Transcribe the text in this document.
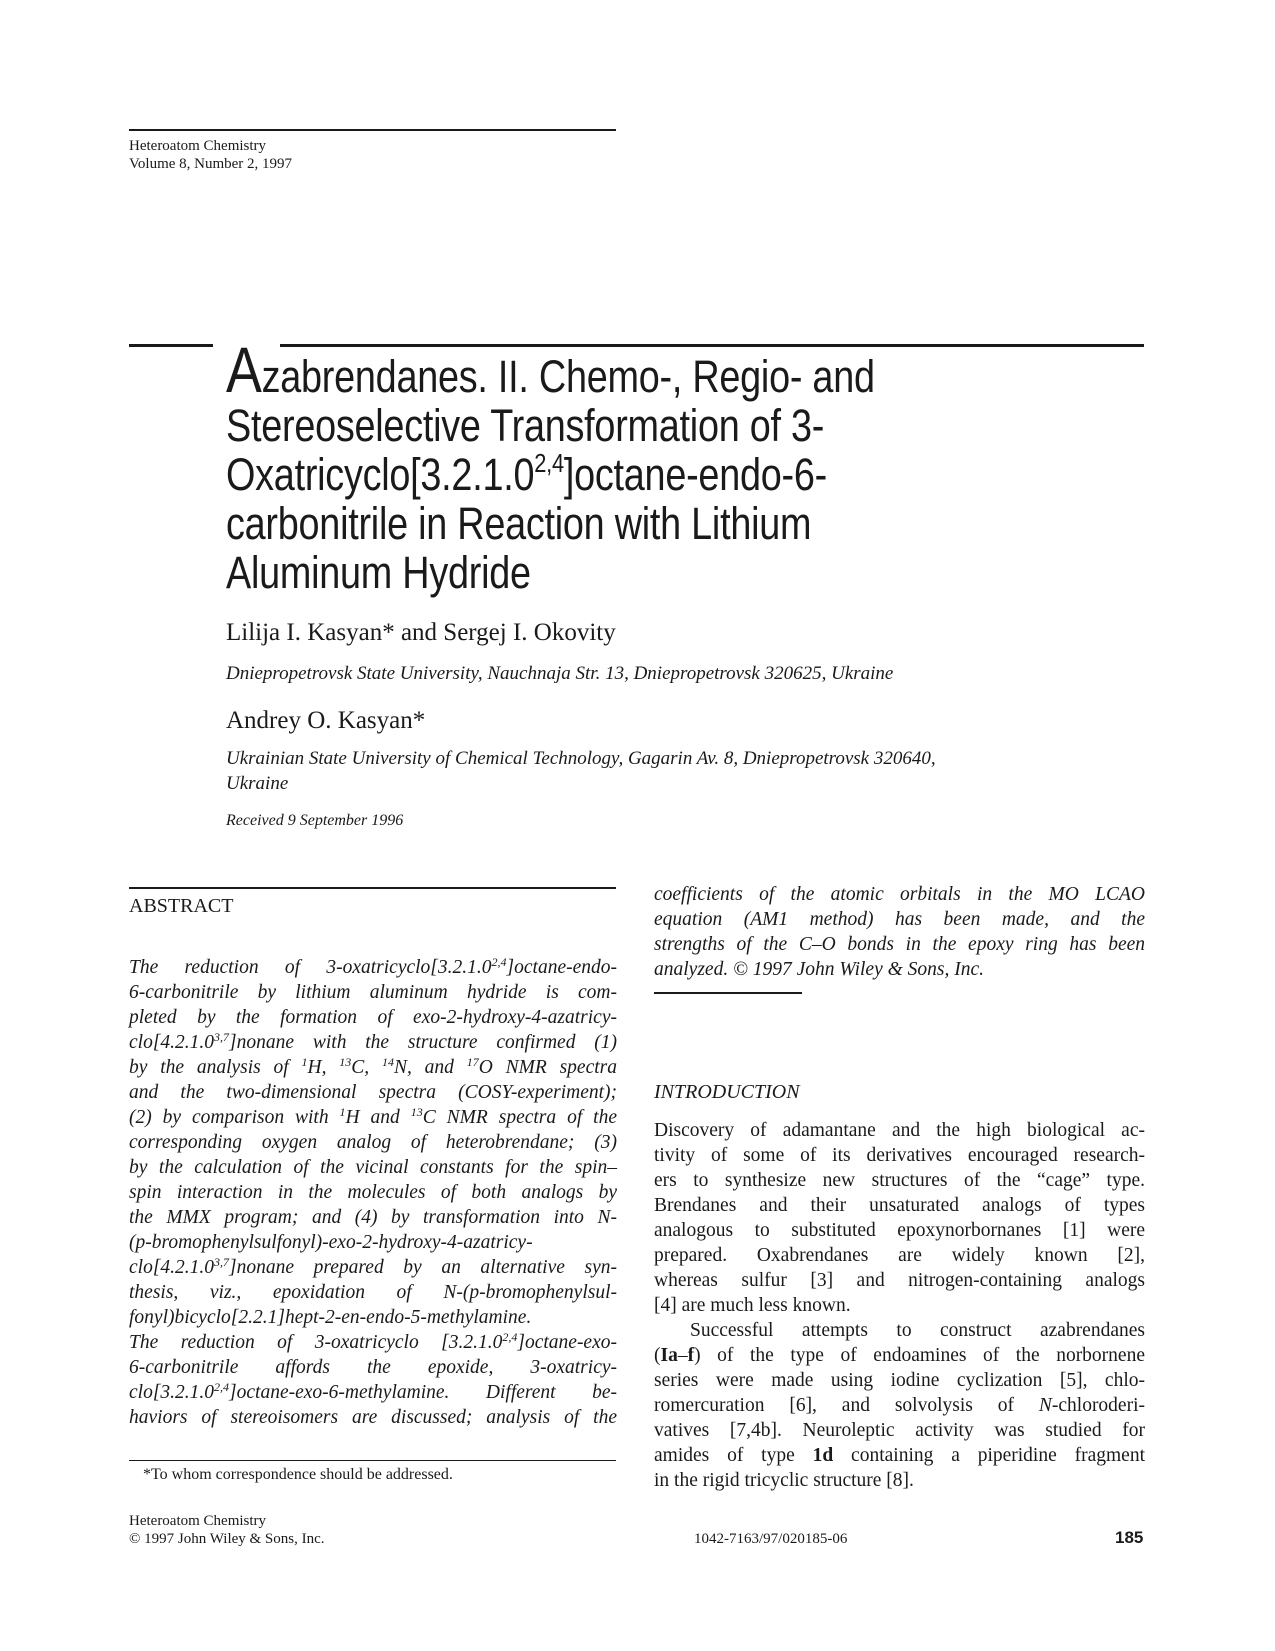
Heteroatom Chemistry
Volume 8, Number 2, 1997
Azabrendanes. II. Chemo-, Regio- and
Stereoselective Transformation of 3-
Oxatricyclo[3.2.1.0$^{2,4}$]octane-endo-6-
carbonitrile in Reaction with Lithium
Aluminum Hydride
Lilija I. Kasyan* and Sergej I. Okovity
Dniepropetrovsk State University, Nauchnaja Str. 13, Dniepropetrovsk 320625, Ukraine
Andrey O. Kasyan*
Ukrainian State University of Chemical Technology, Gagarin Av. 8, Dniepropetrovsk 320640,
Ukraine
Received 9 September 1996
ABSTRACT
The reduction of 3-oxatricyclo[3.2.1.0$^{2,4}$]octane-endo-
6-carbonitrile by lithium aluminum hydride is com-
pleted by the formation of exo-2-hydroxy-4-azatricy-
clo[4.2.1.0$^{3,7}$]nonane with the structure confirmed (1)
by the analysis of $^1$H, $^{13}$C, $^{14}$N, and $^{17}$O NMR spectra
and the two-dimensional spectra (COSY-experiment);
(2) by comparison with $^1$H and $^{13}$C NMR spectra of the
corresponding oxygen analog of heterobrendane; (3)
by the calculation of the vicinal constants for the spin–
spin interaction in the molecules of both analogs by
the MMX program; and (4) by transformation into N-
(p-bromophenylsulfonyl)-exo-2-hydroxy-4-azatricy-
clo[4.2.1.0$^{3,7}$]nonane prepared by an alternative syn-
thesis, viz., epoxidation of N-(p-bromophenylsul-
fonyl)bicyclo[2.2.1]hept-2-en-endo-5-methylamine.
The reduction of 3-oxatricyclo [3.2.1.0$^{2,4}$]octane-exo-
6-carbonitrile affords the epoxide, 3-oxatricy-
clo[3.2.1.0$^{2,4}$]octane-exo-6-methylamine. Different be-
haviors of stereoisomers are discussed; analysis of the
*To whom correspondence should be addressed.
coefficients of the atomic orbitals in the MO LCAO
equation (AM1 method) has been made, and the
strengths of the C–O bonds in the epoxy ring has been
analyzed. © 1997 John Wiley & Sons, Inc.
INTRODUCTION
Discovery of adamantane and the high biological ac-
tivity of some of its derivatives encouraged research-
ers to synthesize new structures of the “cage” type.
Brendanes and their unsaturated analogs of types
analogous to substituted epoxynorbornanes [1] were
prepared. Oxabrendanes are widely known [2],
whereas sulfur [3] and nitrogen-containing analogs
[4] are much less known.
Successful attempts to construct azabrendanes
(Ia–f) of the type of endoamines of the norbornene
series were made using iodine cyclization [5], chlo-
romercuration [6], and solvolysis of N-chloroderi-
vatives [7,4b]. Neuroleptic activity was studied for
amides of type 1d containing a piperidine fragment
in the rigid tricyclic structure [8].
Heteroatom Chemistry
© 1997 John Wiley & Sons, Inc.	1042-7163/97/020185-06	185
